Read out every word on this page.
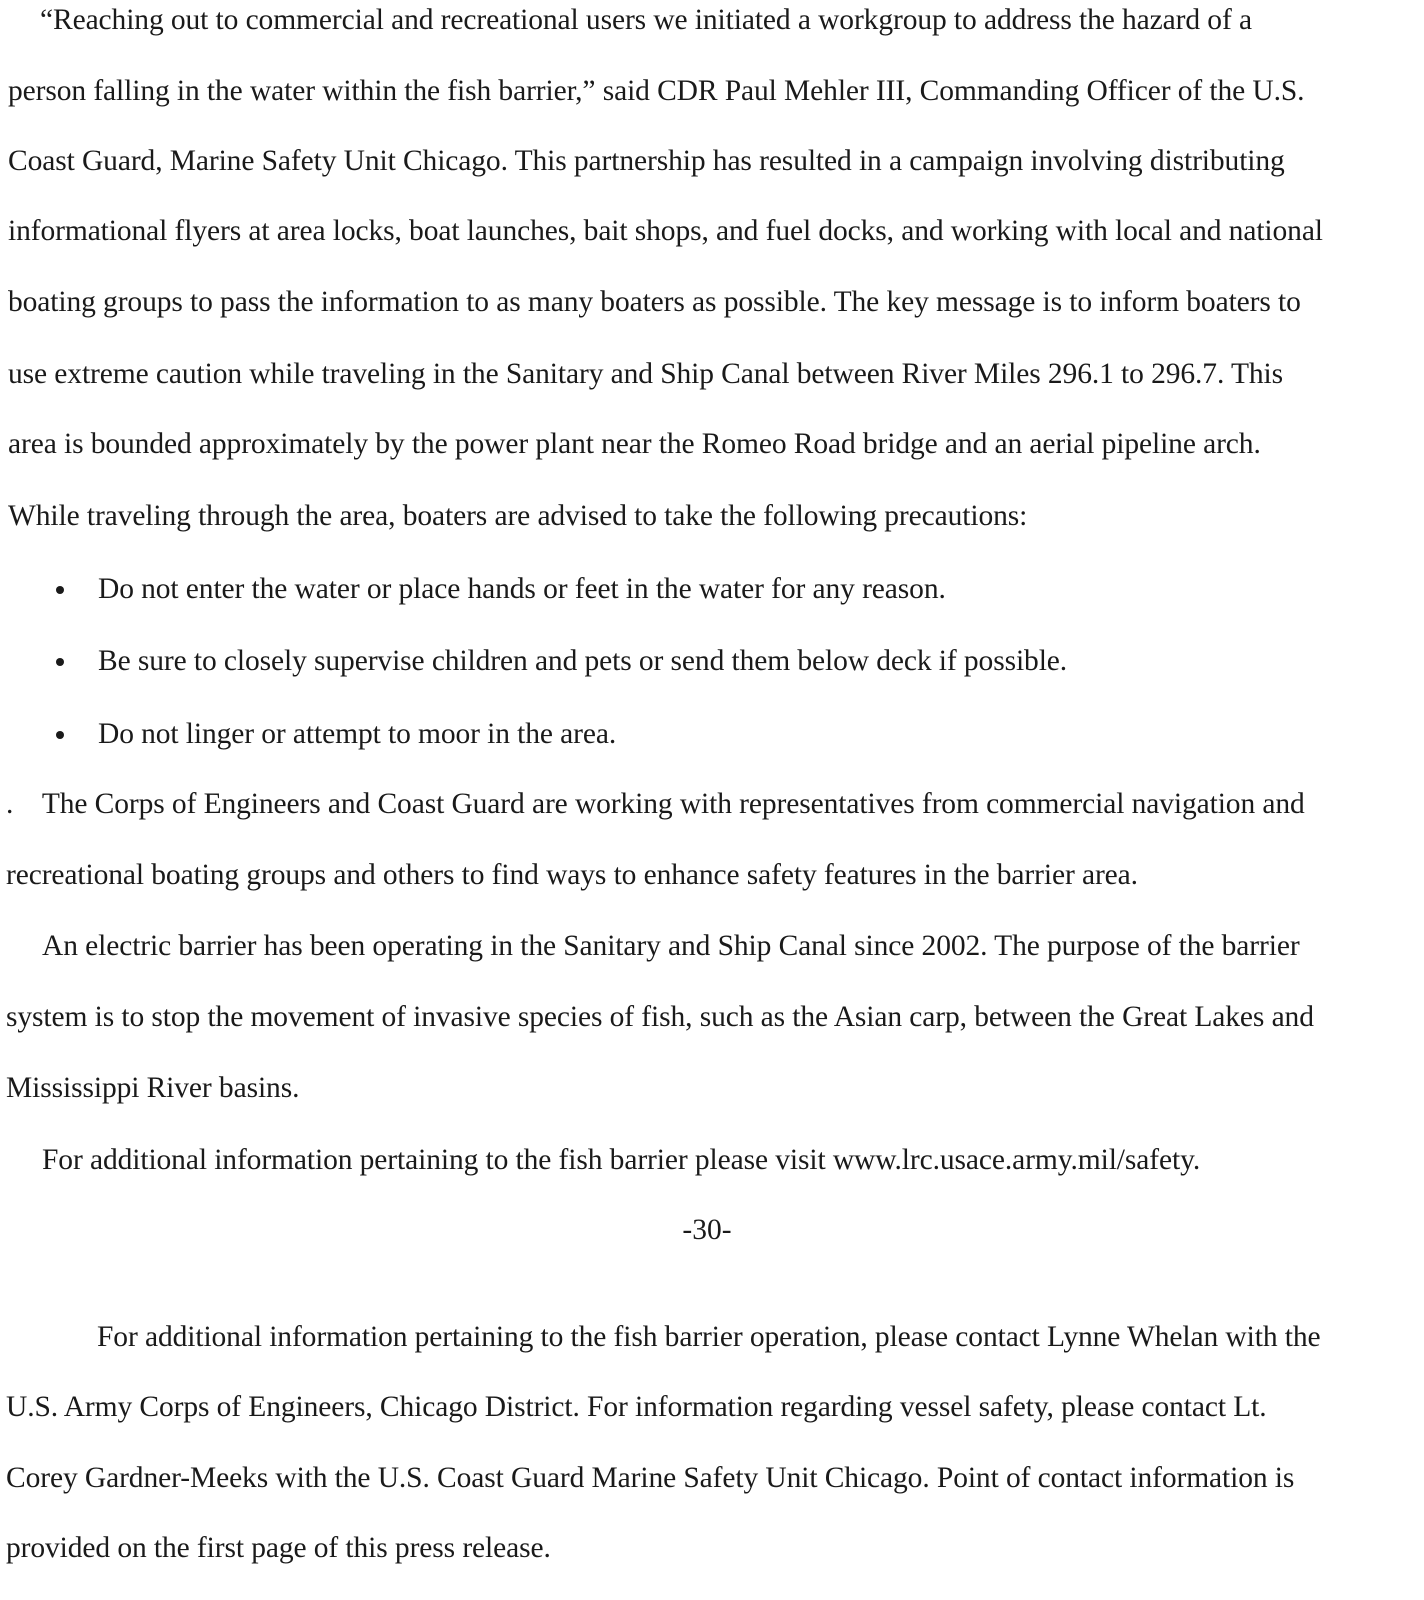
“Reaching out to commercial and recreational users we initiated a workgroup to address the hazard of a
person falling in the water within the fish barrier,” said CDR Paul Mehler III, Commanding Officer of the U.S.
Coast Guard, Marine Safety Unit Chicago. This partnership has resulted in a campaign involving distributing
informational flyers at area locks, boat launches, bait shops, and fuel docks, and working with local and national
boating groups to pass the information to as many boaters as possible. The key message is to inform boaters to
use extreme caution while traveling in the Sanitary and Ship Canal between River Miles 296.1 to 296.7. This
area is bounded approximately by the power plant near the Romeo Road bridge and an aerial pipeline arch.
While traveling through the area, boaters are advised to take the following precautions:
Do not enter the water or place hands or feet in the water for any reason.
Be sure to closely supervise children and pets or send them below deck if possible.
Do not linger or attempt to moor in the area.
.    The Corps of Engineers and Coast Guard are working with representatives from commercial navigation and
recreational boating groups and others to find ways to enhance safety features in the barrier area.
An electric barrier has been operating in the Sanitary and Ship Canal since 2002. The purpose of the barrier
system is to stop the movement of invasive species of fish, such as the Asian carp, between the Great Lakes and
Mississippi River basins.
For additional information pertaining to the fish barrier please visit www.lrc.usace.army.mil/safety.
-30-
For additional information pertaining to the fish barrier operation, please contact Lynne Whelan with the
U.S. Army Corps of Engineers, Chicago District. For information regarding vessel safety, please contact Lt.
Corey Gardner-Meeks with the U.S. Coast Guard Marine Safety Unit Chicago. Point of contact information is
provided on the first page of this press release.
